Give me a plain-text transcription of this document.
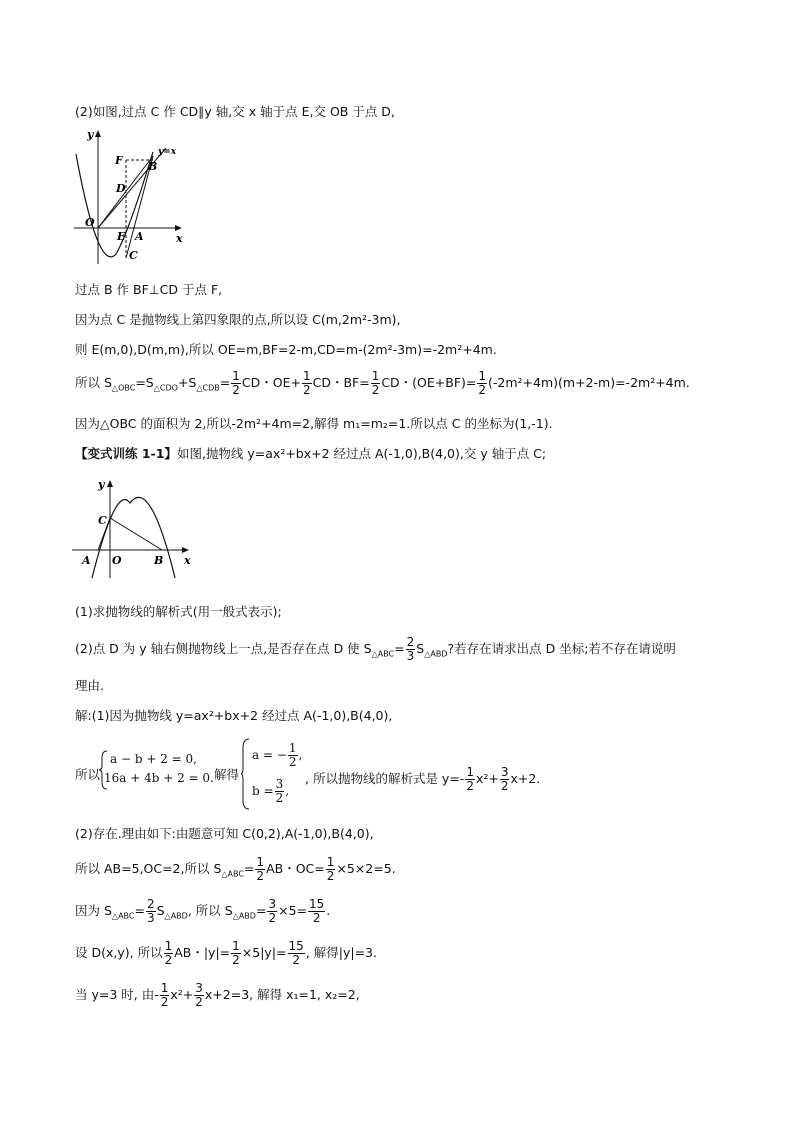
(2)如图,过点 C 作 CD∥y 轴,交 x 轴于点 E,交 OB 于点 D,
y
x
O
F
D
B
E A
C
y=x
过点 B 作 BF⊥CD 于点 F,
因为点 C 是抛物线上第四象限的点,所以设 C(m,2m²-3m),
则 E(m,0),D(m,m),所以 OE=m,BF=2-m,CD=m-(2m²-3m)=-2m²+4m.
所以 $S_{\triangle OBC}=S_{\triangle CDO}+S_{\triangle CDB}= \frac{1}{2}$ CD・$OE+ \frac{1}{2}$ CD・$BF= \frac{1}{2}$ CD・$(OE+BF)= \frac{1}{2} (-2m^2+4m)(m+2-m)=-2m^2+4m$.
因为△OBC 的面积为 2,所以-2m²+4m=2,解得 m₁=m₂=1.所以点 C 的坐标为(1,-1).
【变式训练 1-1】如图,抛物线 y=ax²+bx+2 经过点 A(-1,0),B(4,0),交 y 轴于点 C;
y
x
C
A O	B
(1)求抛物线的解析式(用一般式表示);
(2)点 D 为 y 轴右侧抛物线上一点,是否存在点 D 使 $S_{\triangle ABC}= \frac{2}{3} S_{\triangle ABD}$?若存在请求出点 D 坐标;若不存在请说明
理由.
解:(1)因为抛物线 y=ax²+bx+2 经过点 A(-1,0),B(4,0),
所以
a − b + 2 = 0,
16a + 4b + 2 = 0. 解得
a = − $\frac{1}{2}$ ,
$b = \frac{3}{2}$ ,
, 所以抛物线的解析式是 $y=- \frac{1}{2} x^2+ \frac{3}{2} x+2$.
(2)存在.理由如下:由题意可知 C(0,2),A(-1,0),B(4,0),
所以 AB=5,OC=2,所以 $S_{\triangle ABC}= \frac{1}{2}$ AB・$OC= \frac{1}{2} \times 5\times 2=5$.
因为 $S_{\triangle ABC}= \frac{2}{3} S_{\triangle ABD}$, 所以 $S_{\triangle ABD}= \frac{3}{2} \times 5= \frac{15}{2}$ .
设 D(x,y), 所以 $\frac{1}{2}$ AB・$|y|= \frac{1}{2} \times 5|y|= \frac{15}{2}$ , 解得|y|=3.
当 y=3 时, 由- $\frac{1}{2} x^2+ \frac{3}{2} x+2=3$, 解得 x₁=1, x₂=2,
